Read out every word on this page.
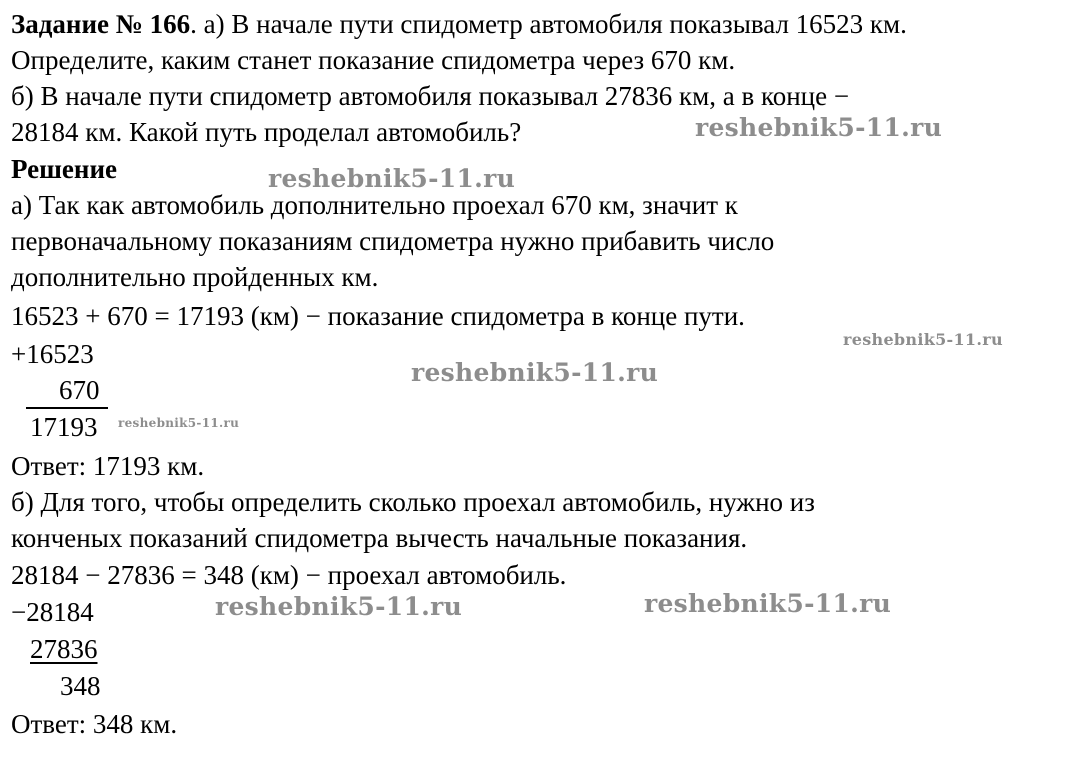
Задание № 166. а) В начале пути спидометр автомобиля показывал 16523 км.
Определите, каким станет показание спидометра через 670 км.
б) В начале пути спидометр автомобиля показывал 27836 км, а в конце −
28184 км. Какой путь проделал автомобиль?
Решение
а) Так как автомобиль дополнительно проехал 670 км, значит к
первоначальному показаниям спидометра нужно прибавить число
дополнительно пройденных км.
16523 + 670 = 17193 (км) − показание спидометра в конце пути.
+16523
670
17193
Ответ: 17193 км.
б) Для того, чтобы определить сколько проехал автомобиль, нужно из
конченых показаний спидометра вычесть начальные показания.
28184 − 27836 = 348 (км) − проехал автомобиль.
−28184
27836
348
Ответ: 348 км.
reshebnik5-11.ru
reshebnik5-11.ru
reshebnik5-11.ru
reshebnik5-11.ru
reshebnik5-11.ru
reshebnik5-11.ru	reshebnik5-11.ru
